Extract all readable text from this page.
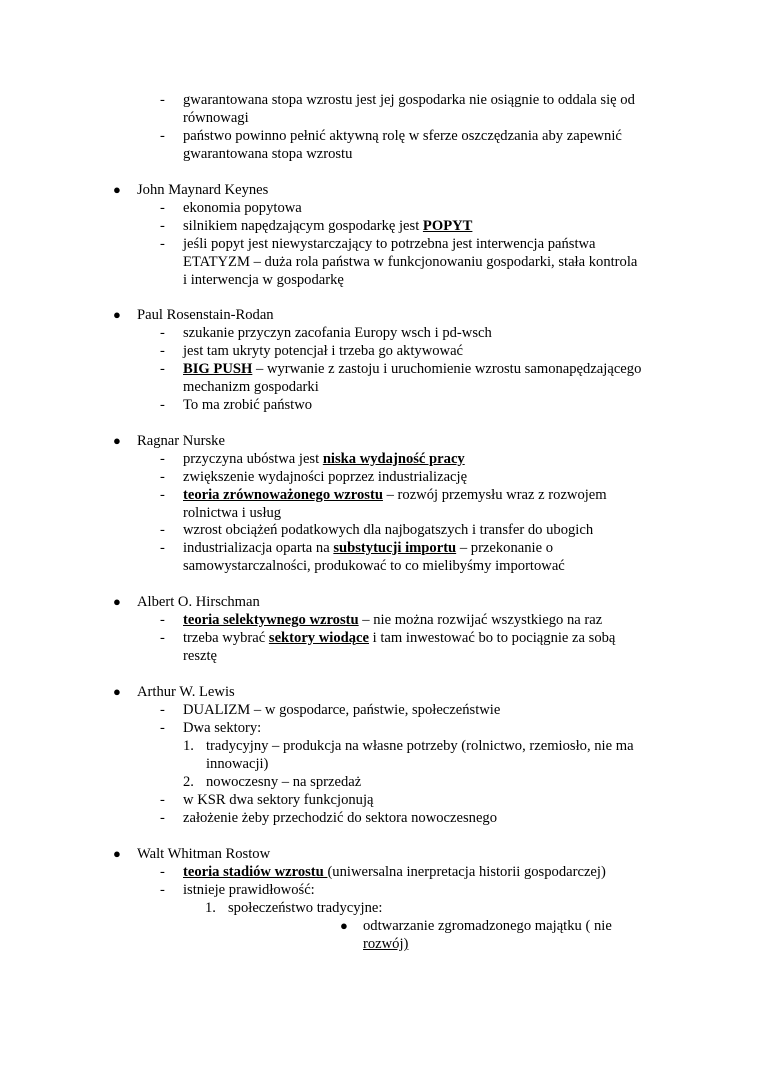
- gwarantowana stopa wzrostu jest jej gospodarka nie osiągnie to oddala się od
równowagi
- państwo powinno pełnić aktywną rolę w sferze oszczędzania aby zapewnić
gwarantowana stopa wzrostu
● John Maynard Keynes
- ekonomia popytowa
- silnikiem napędzającym gospodarkę jest POPYT
- jeśli popyt jest niewystarczający to potrzebna jest interwencja państwa
ETATYZM – duża rola państwa w funkcjonowaniu gospodarki, stała kontrola
i interwencja w gospodarkę
● Paul Rosenstain-Rodan
- szukanie przyczyn zacofania Europy wsch i pd-wsch
- jest tam ukryty potencjał i trzeba go aktywować
- BIG PUSH – wyrwanie z zastoju i uruchomienie wzrostu samonapędzającego
mechanizm gospodarki
- To ma zrobić państwo
● Ragnar Nurske
- przyczyna ubóstwa jest niska wydajność pracy
- zwiększenie wydajności poprzez industrializację
- teoria zrównoważonego wzrostu – rozwój przemysłu wraz z rozwojem
rolnictwa i usług
- wzrost obciążeń podatkowych dla najbogatszych i transfer do ubogich
- industrializacja oparta na substytucji importu – przekonanie o
samowystarczalności, produkować to co mielibyśmy importować
● Albert O. Hirschman
- teoria selektywnego wzrostu – nie można rozwijać wszystkiego na raz
- trzeba wybrać sektory wiodące i tam inwestować bo to pociągnie za sobą
resztę
● Arthur W. Lewis
- DUALIZM – w gospodarce, państwie, społeczeństwie
- Dwa sektory:
1. tradycyjny – produkcja na własne potrzeby (rolnictwo, rzemiosło, nie ma
innowacji)
2. nowoczesny – na sprzedaż
- w KSR dwa sektory funkcjonują
- założenie żeby przechodzić do sektora nowoczesnego
● Walt Whitman Rostow
- teoria stadiów wzrostu (uniwersalna inerpretacja historii gospodarczej)
- istnieje prawidłowość:
1. społeczeństwo tradycyjne:
● odtwarzanie zgromadzonego majątku ( nie
rozwój)
